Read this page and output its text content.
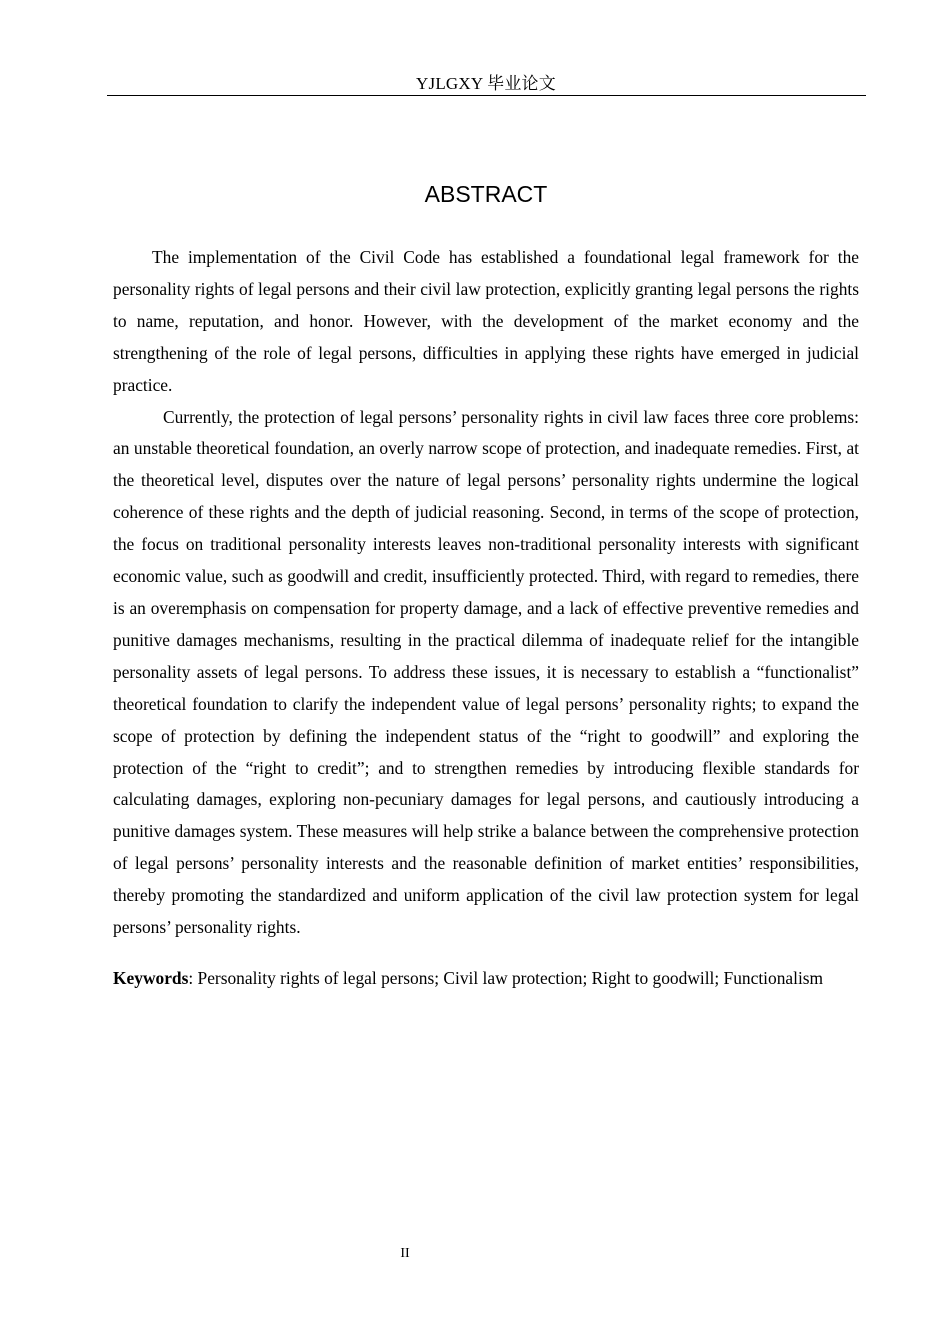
YJLGXY 毕业论文
ABSTRACT

The implementation of the Civil Code has established a foundational legal framework for the personality rights of legal persons and their civil law protection, explicitly granting legal persons the rights to name, reputation, and honor. However, with the development of the market economy and the strengthening of the role of legal persons, difficulties in applying these rights have emerged in judicial practice.

Currently, the protection of legal persons’ personality rights in civil law faces three core problems: an unstable theoretical foundation, an overly narrow scope of protection, and inadequate remedies. First, at the theoretical level, disputes over the nature of legal persons’ personality rights undermine the logical coherence of these rights and the depth of judicial reasoning. Second, in terms of the scope of protection, the focus on traditional personality interests leaves non-traditional personality interests with significant economic value, such as goodwill and credit, insufficiently protected. Third, with regard to remedies, there is an overemphasis on compensation for property damage, and a lack of effective preventive remedies and punitive damages mechanisms, resulting in the practical dilemma of inadequate relief for the intangible personality assets of legal persons. To address these issues, it is necessary to establish a “functionalist” theoretical foundation to clarify the independent value of legal persons’ personality rights; to expand the scope of protection by defining the independent status of the “right to goodwill” and exploring the protection of the “right to credit”; and to strengthen remedies by introducing flexible standards for calculating damages, exploring non-pecuniary damages for legal persons, and cautiously introducing a punitive damages system. These measures will help strike a balance between the comprehensive protection of legal persons’ personality interests and the reasonable definition of market entities’ responsibilities, thereby promoting the standardized and uniform application of the civil law protection system for legal persons’ personality rights.

Keywords: Personality rights of legal persons; Civil law protection; Right to goodwill; Functionalism

II
